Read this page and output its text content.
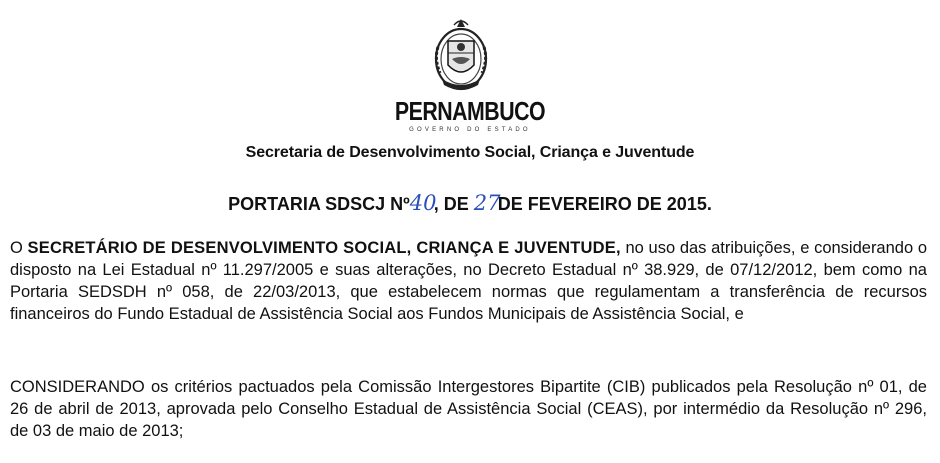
PERNAMBUCO
GOVERNO DO ESTADO
Secretaria de Desenvolvimento Social, Criança e Juventude
PORTARIA SDSCJ Nº40, DE 27DE FEVEREIRO DE 2015.
O SECRETÁRIO DE DESENVOLVIMENTO SOCIAL, CRIANÇA E JUVENTUDE, no uso das atribuições, e considerando o disposto na Lei Estadual nº 11.297/2005 e suas alterações, no Decreto Estadual nº 38.929, de 07/12/2012, bem como na Portaria SEDSDH nº 058, de 22/03/2013, que estabelecem normas que regulamentam a transferência de recursos financeiros do Fundo Estadual de Assistência Social aos Fundos Municipais de Assistência Social, e
CONSIDERANDO os critérios pactuados pela Comissão Intergestores Bipartite (CIB) publicados pela Resolução nº 01, de 26 de abril de 2013, aprovada pelo Conselho Estadual de Assistência Social (CEAS), por intermédio da Resolução nº 296, de 03 de maio de 2013;
